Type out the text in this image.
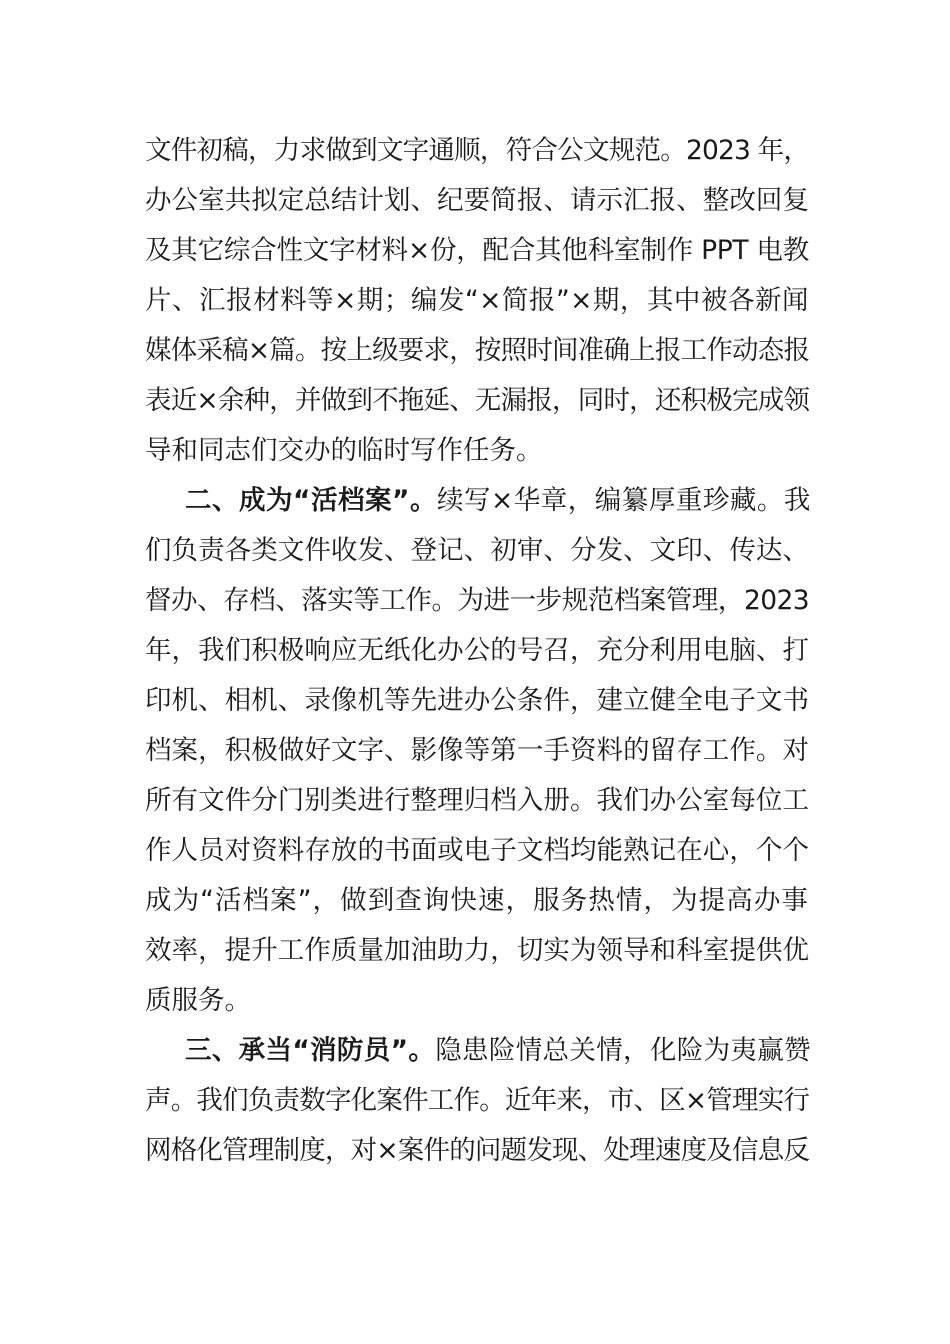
文件初稿，力求做到文字通顺，符合公文规范。2023 年，
办公室共拟定总结计划、纪要简报、请示汇报、整改回复
及其它综合性文字材料×份，配合其他科室制作 PPT 电教
片、汇报材料等×期；编发“×简报”×期，其中被各新闻
媒体采稿×篇。按上级要求，按照时间准确上报工作动态报
表近×余种，并做到不拖延、无漏报，同时，还积极完成领
导和同志们交办的临时写作任务。
二、成为“活档案”。续写×华章，编纂厚重珍藏。我
们负责各类文件收发、登记、初审、分发、文印、传达、
督办、存档、落实等工作。为进一步规范档案管理，2023
年，我们积极响应无纸化办公的号召，充分利用电脑、打
印机、相机、录像机等先进办公条件，建立健全电子文书
档案，积极做好文字、影像等第一手资料的留存工作。对
所有文件分门别类进行整理归档入册。我们办公室每位工
作人员对资料存放的书面或电子文档均能熟记在心，个个
成为“活档案”，做到查询快速，服务热情，为提高办事
效率，提升工作质量加油助力，切实为领导和科室提供优
质服务。
三、承当“消防员”。隐患险情总关情，化险为夷赢赞
声。我们负责数字化案件工作。近年来，市、区×管理实行
网格化管理制度，对×案件的问题发现、处理速度及信息反
